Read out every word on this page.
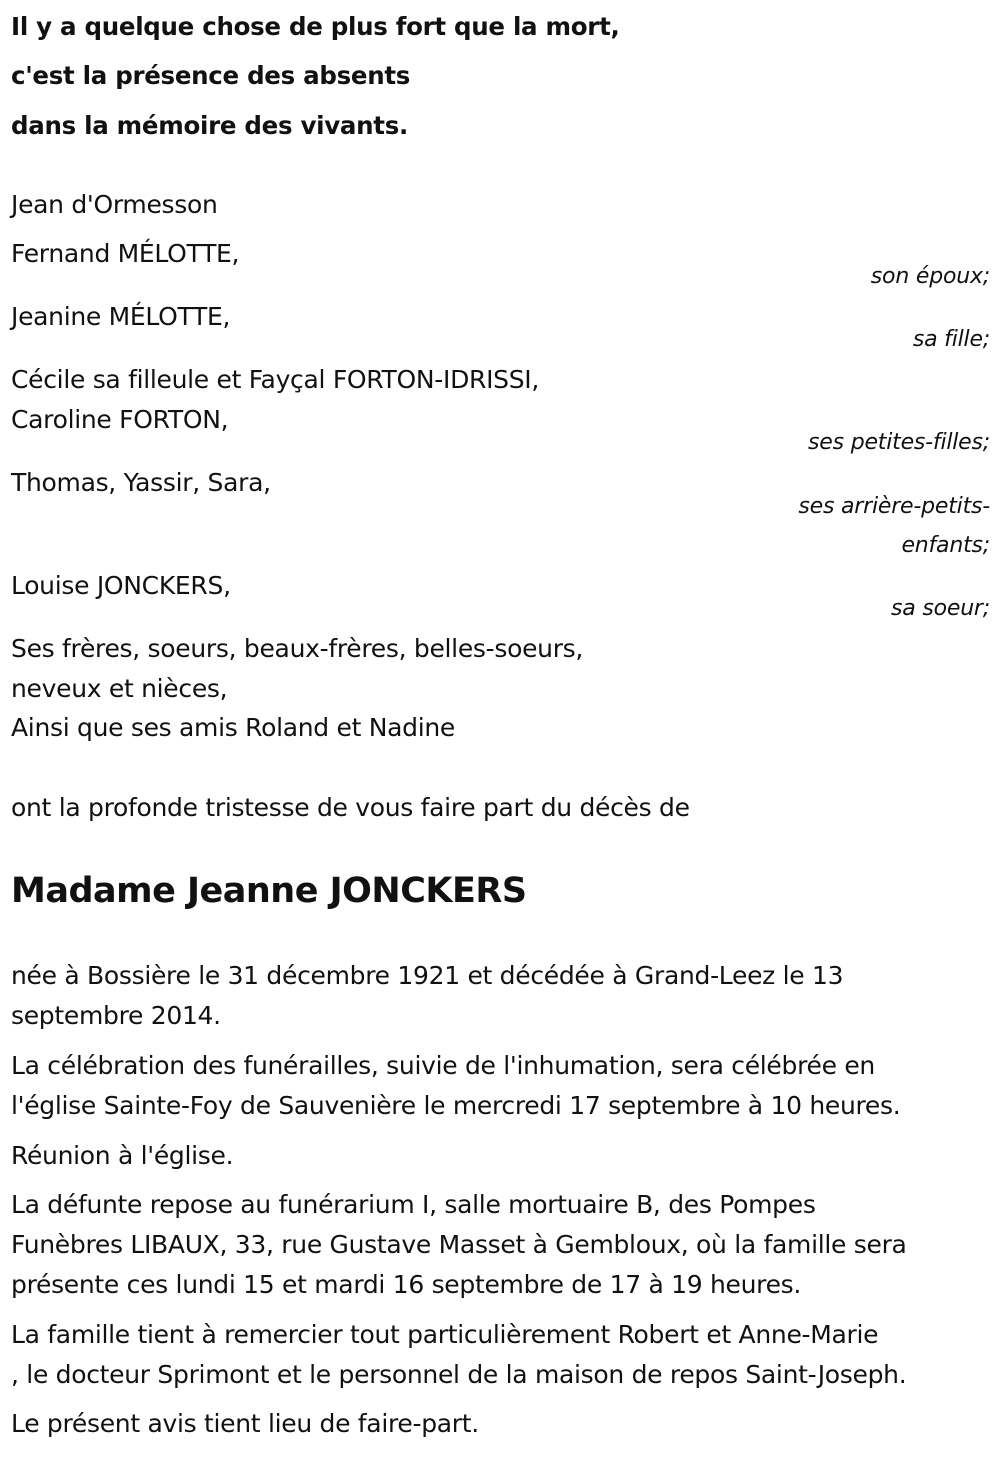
Il y a quelque chose de plus fort que la mort,
c'est la présence des absents
dans la mémoire des vivants.
Jean d'Ormesson
Fernand MÉLOTTE,
son époux;
Jeanine MÉLOTTE,
sa fille;
Cécile sa filleule et Fayçal FORTON-IDRISSI,
Caroline FORTON,
ses petites-filles;
Thomas, Yassir, Sara,
ses arrière-petits-
enfants;
Louise JONCKERS,
sa soeur;
Ses frères, soeurs, beaux-frères, belles-soeurs,
neveux et nièces,
Ainsi que ses amis Roland et Nadine
ont la profonde tristesse de vous faire part du décès de
Madame Jeanne JONCKERS
née à Bossière le 31 décembre 1921 et décédée à Grand-Leez le 13
septembre 2014.
La célébration des funérailles, suivie de l'inhumation, sera célébrée en
l'église Sainte-Foy de Sauvenière le mercredi 17 septembre à 10 heures.
Réunion à l'église.
La défunte repose au funérarium I, salle mortuaire B, des Pompes
Funèbres LIBAUX, 33, rue Gustave Masset à Gembloux, où la famille sera
présente ces lundi 15 et mardi 16 septembre de 17 à 19 heures.
La famille tient à remercier tout particulièrement Robert et Anne-Marie
, le docteur Sprimont et le personnel de la maison de repos Saint-Joseph.
Le présent avis tient lieu de faire-part.
